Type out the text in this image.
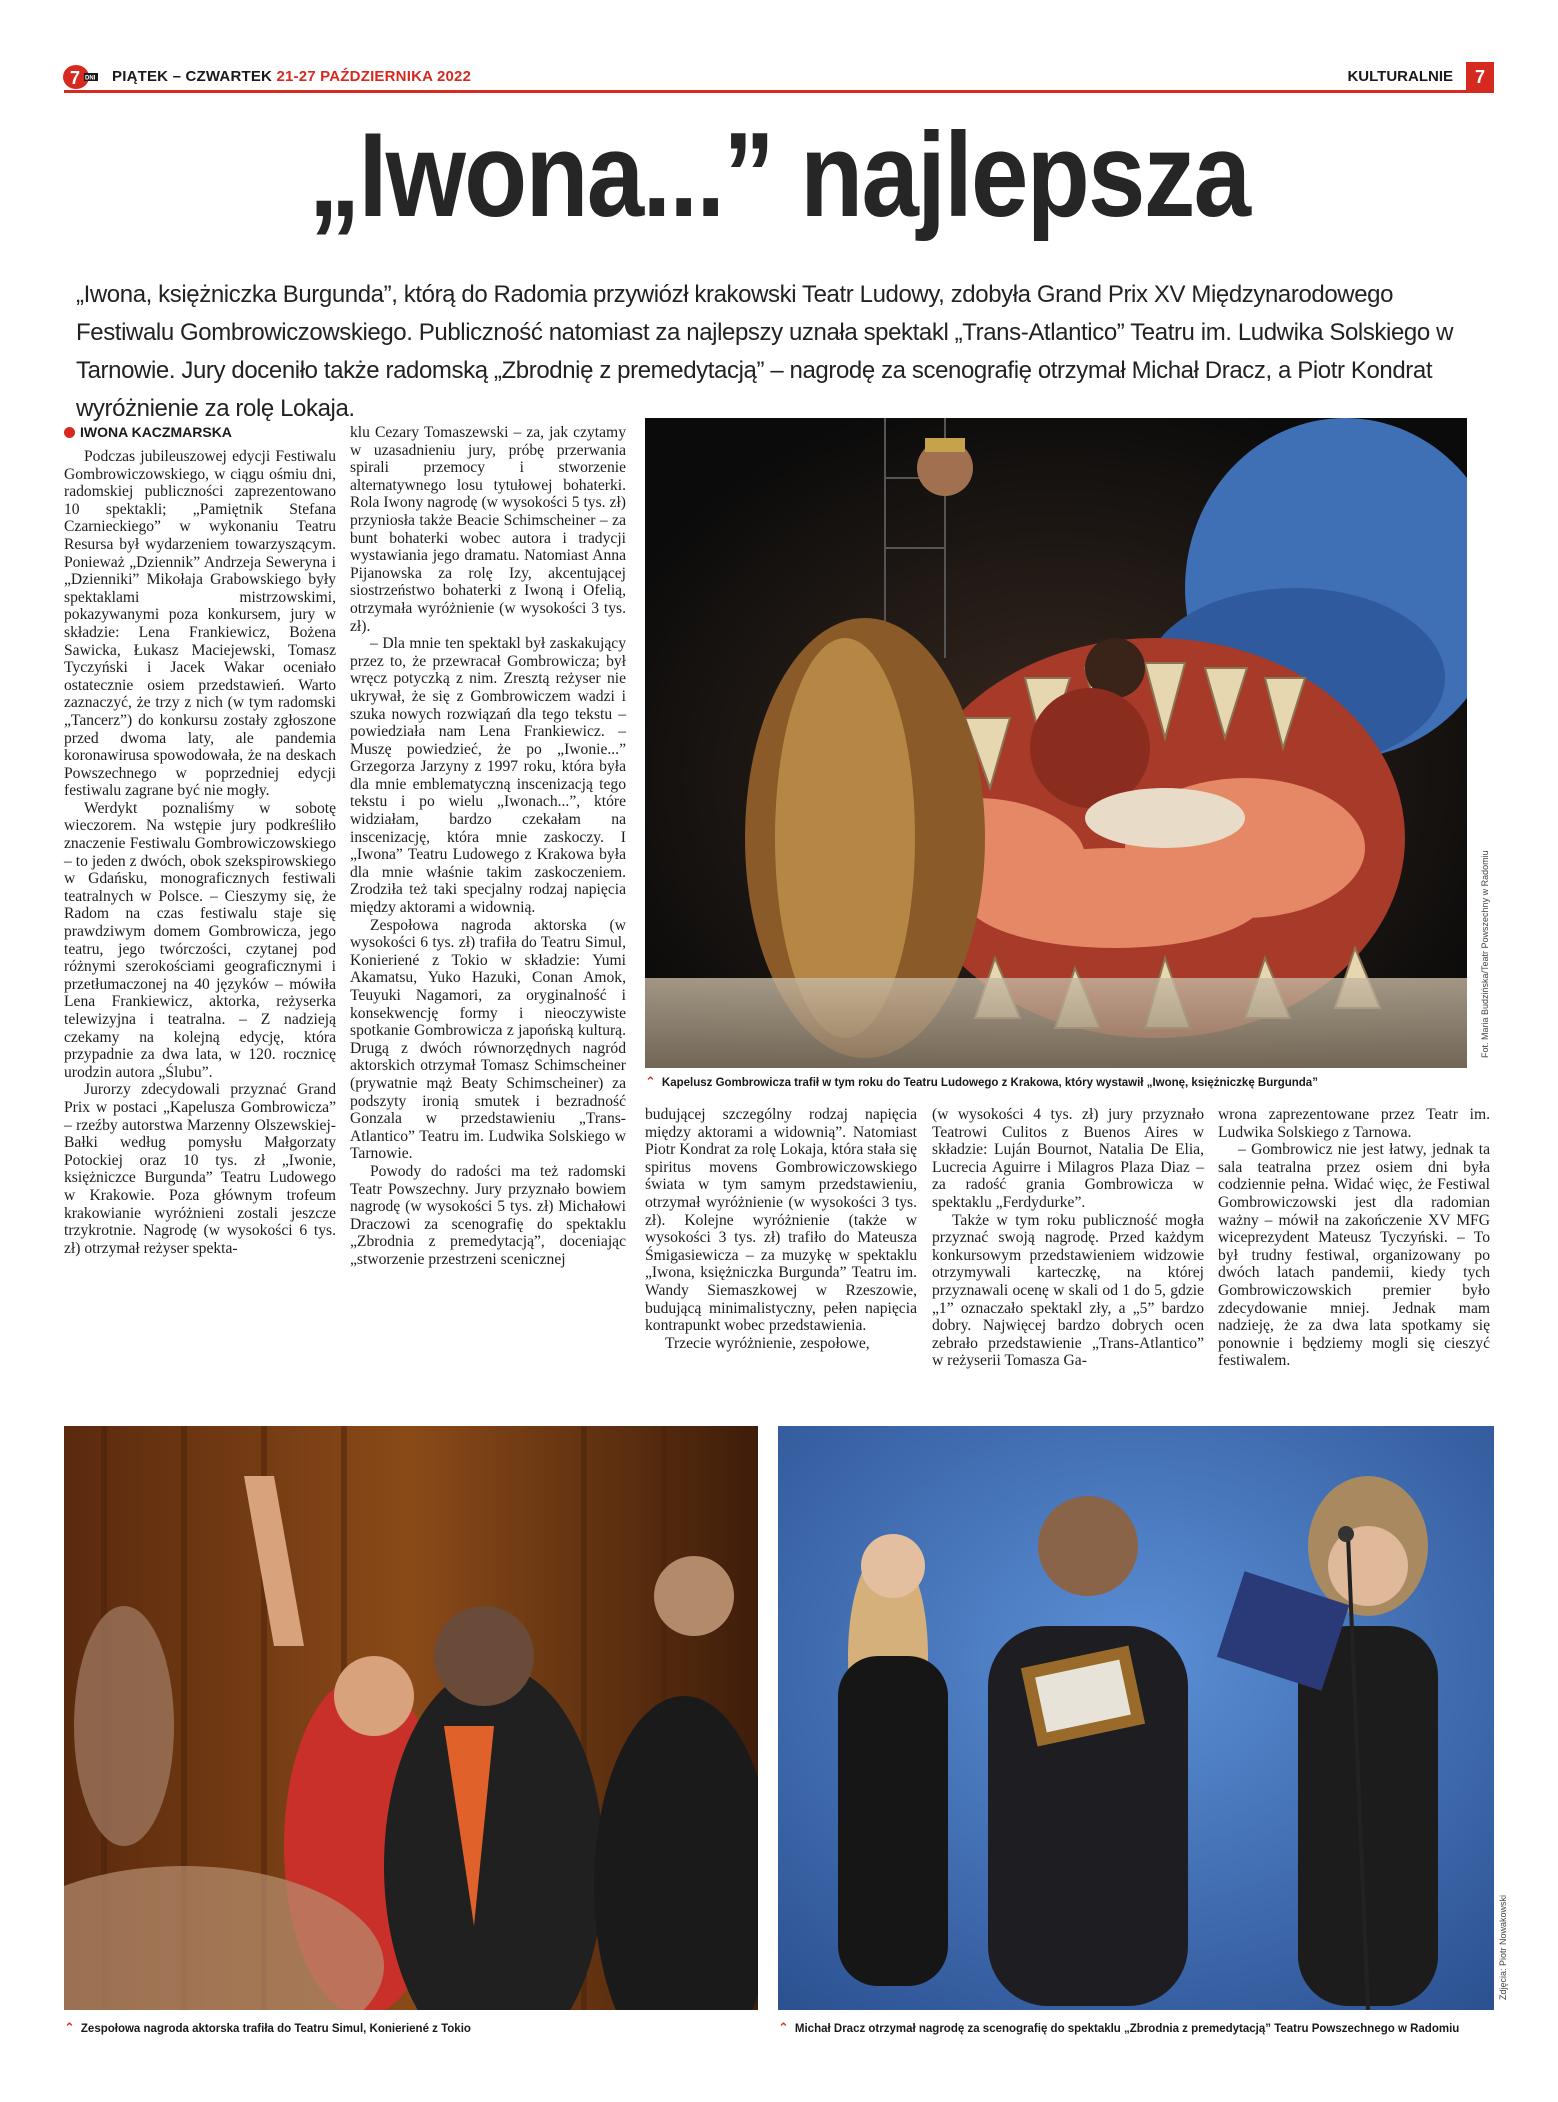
7 DNI PIĄTEK – CZWARTEK 21-27 PAŹDZIERNIKA 2022	KULTURALNIE	7
„Iwona...” najlepsza
„Iwona, księżniczka Burgunda”, którą do Radomia przywiózł krakowski Teatr Ludowy, zdobyła Grand Prix XV Międzynarodowego Festiwalu Gombrowiczowskiego. Publiczność natomiast za najlepszy uznała spektakl „Trans-Atlantico” Teatru im. Ludwika Solskiego w Tarnowie. Jury doceniło także radomską „Zbrodnię z premedytacją” – nagrodę za scenografię otrzymał Michał Dracz, a Piotr Kondrat wyróżnienie za rolę Lokaja.
IWONA KACZMARSKA

Podczas jubileuszowej edycji Festiwalu Gombrowiczowskiego, w ciągu ośmiu dni, radomskiej publiczności zaprezentowano 10 spektakli; „Pamiętnik Stefana Czarnieckiego” w wykonaniu Teatru Resursa był wydarzeniem towarzyszącym. Ponieważ „Dziennik” Andrzeja Seweryna i „Dzienniki” Mikołaja Grabowskiego były spektaklami mistrzowskimi, pokazywanymi poza konkursem, jury w składzie: Lena Frankiewicz, Bożena Sawicka, Łukasz Maciejewski, Tomasz Tyczyński i Jacek Wakar oceniało ostatecznie osiem przedstawień. Warto zaznaczyć, że trzy z nich (w tym radomski „Tancerz”) do konkursu zostały zgłoszone przed dwoma laty, ale pandemia koronawirusa spowodowała, że na deskach Powszechnego w poprzedniej edycji festiwalu zagrane być nie mogły.

Werdykt poznaliśmy w sobotę wieczorem. Na wstępie jury podkreśliło znaczenie Festiwalu Gombrowiczowskiego – to jeden z dwóch, obok szekspirowskiego w Gdańsku, monograficznych festiwali teatralnych w Polsce. – Cieszymy się, że Radom na czas festiwalu staje się prawdziwym domem Gombrowicza, jego teatru, jego twórczości, czytanej pod różnymi szerokościami geograficznymi i przetłumaczonej na 40 języków – mówiła Lena Frankiewicz, aktorka, reżyserka telewizyjna i teatralna. – Z nadzieją czekamy na kolejną edycję, która przypadnie za dwa lata, w 120. rocznicę urodzin autora „Ślubu”.

Jurorzy zdecydowali przyznać Grand Prix w postaci „Kapelusza Gombrowicza” – rzeźby autorstwa Marzenny Olszewskiej-Bałki według pomysłu Małgorzaty Potockiej oraz 10 tys. zł „Iwonie, księżniczce Burgunda” Teatru Ludowego w Krakowie. Poza głównym trofeum krakowianie wyróżnieni zostali jeszcze trzykrotnie. Nagrodę (w wysokości 6 tys. zł) otrzymał reżyser spekta-

klu Cezary Tomaszewski – za, jak czytamy w uzasadnieniu jury, próbę przerwania spirali przemocy i stworzenie alternatywnego losu tytułowej bohaterki. Rola Iwony nagrodę (w wysokości 5 tys. zł) przyniosła także Beacie Schimscheiner – za bunt bohaterki wobec autora i tradycji wystawiania jego dramatu. Natomiast Anna Pijanowska za rolę Izy, akcentującej siostrzeństwo bohaterki z Iwoną i Ofelią, otrzymała wyróżnienie (w wysokości 3 tys. zł).

– Dla mnie ten spektakl był zaskakujący przez to, że przewracał Gombrowicza; był wręcz potyczką z nim. Zresztą reżyser nie ukrywał, że się z Gombrowiczem wadzi i szuka nowych rozwiązań dla tego tekstu – powiedziała nam Lena Frankiewicz. – Muszę powiedzieć, że po „Iwonie...” Grzegorza Jarzyny z 1997 roku, która była dla mnie emblematyczną inscenizacją tego tekstu i po wielu „Iwonach...”, które widziałam, bardzo czekałam na inscenizację, która mnie zaskoczy. I „Iwona” Teatru Ludowego z Krakowa była dla mnie właśnie takim zaskoczeniem. Zrodziła też taki specjalny rodzaj napięcia między aktorami a widownią.

Zespołowa nagroda aktorska (w wysokości 6 tys. zł) trafiła do Teatru Simul, Konieriené z Tokio w składzie: Yumi Akamatsu, Yuko Hazuki, Conan Amok, Teuyuki Nagamori, za oryginalność i konsekwencję formy i nieoczywiste spotkanie Gombrowicza z japońską kulturą. Drugą z dwóch równorzędnych nagród aktorskich otrzymał Tomasz Schimscheiner (prywatnie mąż Beaty Schimscheiner) za podszyty ironią smutek i bezradność Gonzala w przedstawieniu „Trans-Atlantico” Teatru im. Ludwika Solskiego w Tarnowie.

Powody do radości ma też radomski Teatr Powszechny. Jury przyznało bowiem nagrodę (w wysokości 5 tys. zł) Michałowi Draczowi za scenografię do spektaklu „Zbrodnia z premedytacją”, doceniając „stworzenie przestrzeni scenicznej

Fot. Maria Budzińska/Teatr Powszechny w Radomiu
⌃ Kapelusz Gombrowicza trafił w tym roku do Teatru Ludowego z Krakowa, który wystawił „Iwonę, księżniczkę Burgunda”

budującej szczególny rodzaj napięcia między aktorami a widownią”. Natomiast Piotr Kondrat za rolę Lokaja, która stała się spiritus movens Gombrowiczowskiego świata w tym samym przedstawieniu, otrzymał wyróżnienie (w wysokości 3 tys. zł). Kolejne wyróżnienie (także w wysokości 3 tys. zł) trafiło do Mateusza Śmigasiewicza – za muzykę w spektaklu „Iwona, księżniczka Burgunda” Teatru im. Wandy Siemaszkowej w Rzeszowie, budującą minimalistyczny, pełen napięcia kontrapunkt wobec przedstawienia.

Trzecie wyróżnienie, zespołowe,

(w wysokości 4 tys. zł) jury przyznało Teatrowi Culitos z Buenos Aires w składzie: Luján Bournot, Natalia De Elia, Lucrecia Aguirre i Milagros Plaza Diaz – za radość grania Gombrowicza w spektaklu „Ferdydurke”.

Także w tym roku publiczność mogła przyznać swoją nagrodę. Przed każdym konkursowym przedstawieniem widzowie otrzymywali karteczkę, na której przyznawali ocenę w skali od 1 do 5, gdzie „1” oznaczało spektakl zły, a „5” bardzo dobry. Najwięcej bardzo dobrych ocen zebrało przedstawienie „Trans-Atlantico” w reżyserii Tomasza Ga-

wrona zaprezentowane przez Teatr im. Ludwika Solskiego z Tarnowa.

– Gombrowicz nie jest łatwy, jednak ta sala teatralna przez osiem dni była codziennie pełna. Widać więc, że Festiwal Gombrowiczowski jest dla radomian ważny – mówił na zakończenie XV MFG wiceprezydent Mateusz Tyczyński. – To był trudny festiwal, organizowany po dwóch latach pandemii, kiedy tych Gombrowiczowskich premier było zdecydowanie mniej. Jednak mam nadzieję, że za dwa lata spotkamy się ponownie i będziemy mogli się cieszyć festiwalem.

⌃ Zespołowa nagroda aktorska trafiła do Teatru Simul, Konieriené z Tokio
Zdjęcia: Piotr Nowakowski
⌃ Michał Dracz otrzymał nagrodę za scenografię do spektaklu „Zbrodnia z premedytacją” Teatru Powszechnego w Radomiu
